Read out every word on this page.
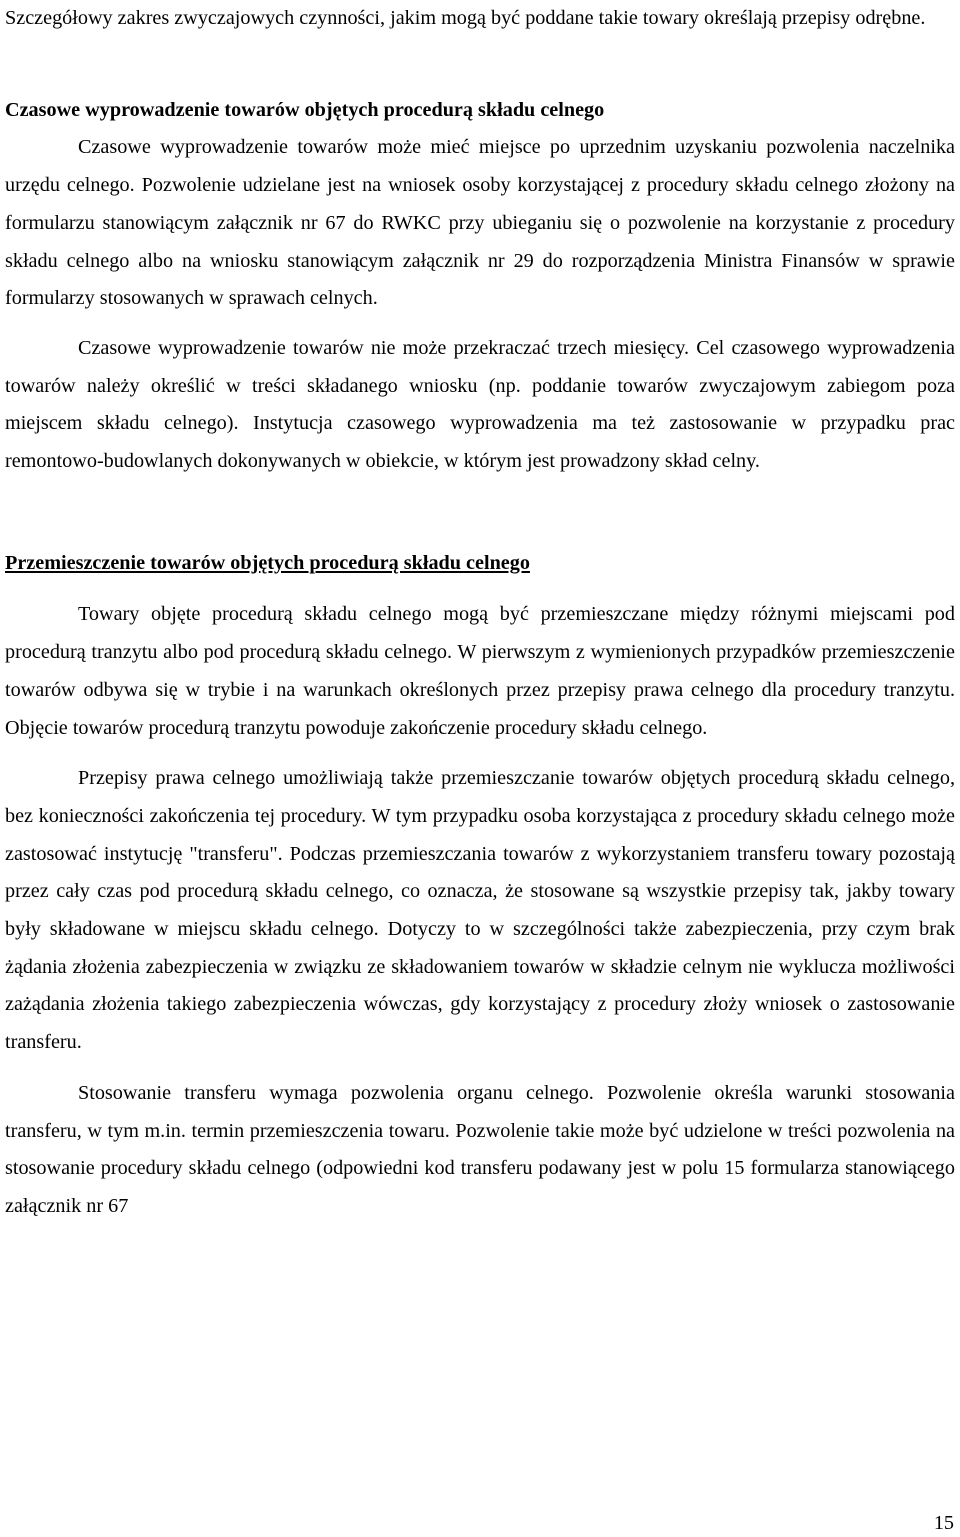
Szczegółowy zakres zwyczajowych czynności, jakim mogą być poddane takie towary określają przepisy odrębne.

Czasowe wyprowadzenie towarów objętych procedurą składu celnego

Czasowe wyprowadzenie towarów może mieć miejsce po uprzednim uzyskaniu pozwolenia naczelnika urzędu celnego. Pozwolenie udzielane jest na wniosek osoby korzystającej z procedury składu celnego złożony na formularzu stanowiącym załącznik nr 67 do RWKC przy ubieganiu się o pozwolenie na korzystanie z procedury składu celnego albo na wniosku stanowiącym załącznik nr 29 do rozporządzenia Ministra Finansów w sprawie formularzy stosowanych w sprawach celnych.

Czasowe wyprowadzenie towarów nie może przekraczać trzech miesięcy. Cel czasowego wyprowadzenia towarów należy określić w treści składanego wniosku (np. poddanie towarów zwyczajowym zabiegom poza miejscem składu celnego). Instytucja czasowego wyprowadzenia ma też zastosowanie w przypadku prac remontowo-budowlanych dokonywanych w obiekcie, w którym jest prowadzony skład celny.

Przemieszczenie towarów objętych procedurą składu celnego

Towary objęte procedurą składu celnego mogą być przemieszczane między różnymi miejscami pod procedurą tranzytu albo pod procedurą składu celnego. W pierwszym z wymienionych przypadków przemieszczenie towarów odbywa się w trybie i na warunkach określonych przez przepisy prawa celnego dla procedury tranzytu. Objęcie towarów procedurą tranzytu powoduje zakończenie procedury składu celnego.

Przepisy prawa celnego umożliwiają także przemieszczanie towarów objętych procedurą składu celnego, bez konieczności zakończenia tej procedury. W tym przypadku osoba korzystająca z procedury składu celnego może zastosować instytucję "transferu". Podczas przemieszczania towarów z wykorzystaniem transferu towary pozostają przez cały czas pod procedurą składu celnego, co oznacza, że stosowane są wszystkie przepisy tak, jakby towary były składowane w miejscu składu celnego. Dotyczy to w szczególności także zabezpieczenia, przy czym brak żądania złożenia zabezpieczenia w związku ze składowaniem towarów w składzie celnym nie wyklucza możliwości zażądania złożenia takiego zabezpieczenia wówczas, gdy korzystający z procedury złoży wniosek o zastosowanie transferu.

Stosowanie transferu wymaga pozwolenia organu celnego. Pozwolenie określa warunki stosowania transferu, w tym m.in. termin przemieszczenia towaru. Pozwolenie takie może być udzielone w treści pozwolenia na stosowanie procedury składu celnego (odpowiedni kod transferu podawany jest w polu 15 formularza stanowiącego załącznik nr 67

15
